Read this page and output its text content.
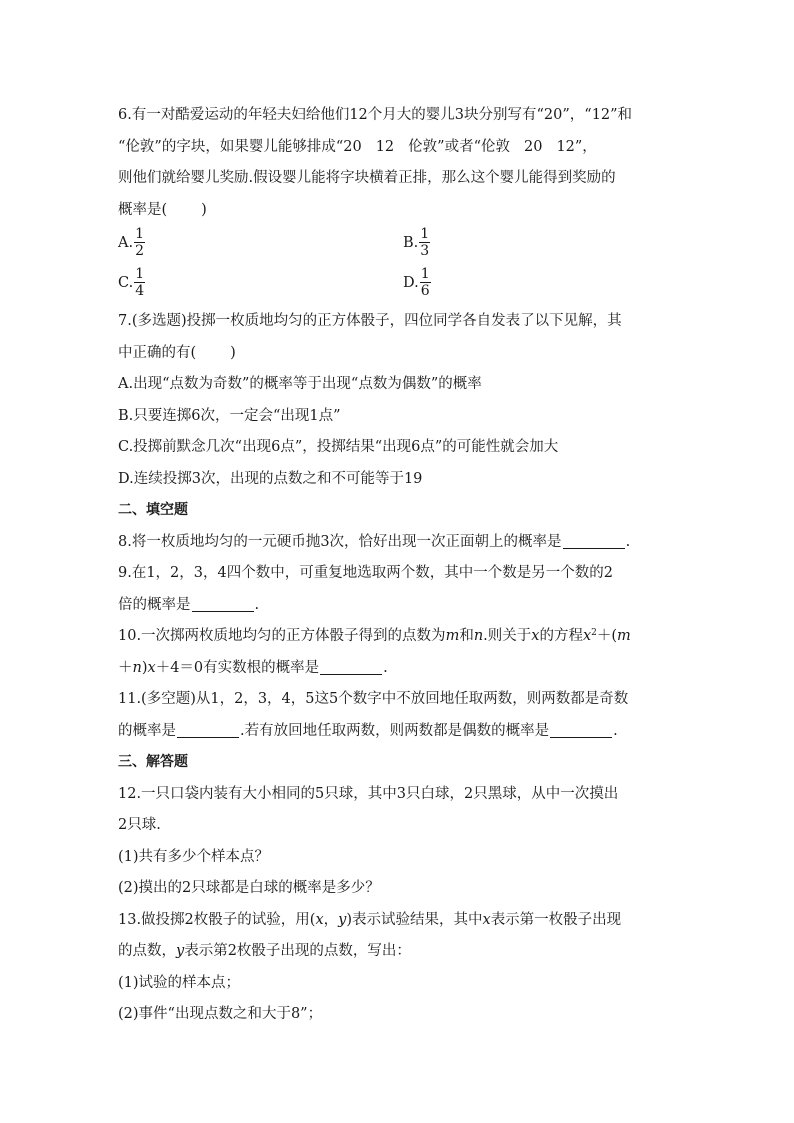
6.有一对酷爱运动的年轻夫妇给他们12个月大的婴儿3块分别写有“20”，“12”和
“伦敦”的字块，如果婴儿能够排成“20 12 伦敦”或者“伦敦 20 12”，
则他们就给婴儿奖励.假设婴儿能将字块横着正排，那么这个婴儿能得到奖励的
概率是( )
A. $\frac{1}{2}$	B. $\frac{1}{3}$
C. $\frac{1}{4}$	D. $\frac{1}{6}$
7.(多选题)投掷一枚质地均匀的正方体骰子，四位同学各自发表了以下见解，其
中正确的有( )
A.出现“点数为奇数”的概率等于出现“点数为偶数”的概率
B.只要连掷6次，一定会“出现1点”
C.投掷前默念几次“出现6点”，投掷结果“出现6点”的可能性就会加大
D.连续投掷3次，出现的点数之和不可能等于19
二、填空题
8.将一枚质地均匀的一元硬币抛3次，恰好出现一次正面朝上的概率是	.
9.在1，2，3，4四个数中，可重复地选取两个数，其中一个数是另一个数的2
倍的概率是	.
10.一次掷两枚质地均匀的正方体骰子得到的点数为m和n.则关于x的方程$x^2+(m$
＋n)x＋4＝0有实数根的概率是	.
11.(多空题)从1，2，3，4，5这5个数字中不放回地任取两数，则两数都是奇数
的概率是	.若有放回地任取两数，则两数都是偶数的概率是	.
三、解答题
12.一只口袋内装有大小相同的5只球，其中3只白球，2只黑球，从中一次摸出
2只球.
(1)共有多少个样本点？
(2)摸出的2只球都是白球的概率是多少？
13.做投掷2枚骰子的试验，用(x，y)表示试验结果，其中x表示第一枚骰子出现
的点数，y表示第2枚骰子出现的点数，写出：
(1)试验的样本点；
(2)事件“出现点数之和大于8”；
